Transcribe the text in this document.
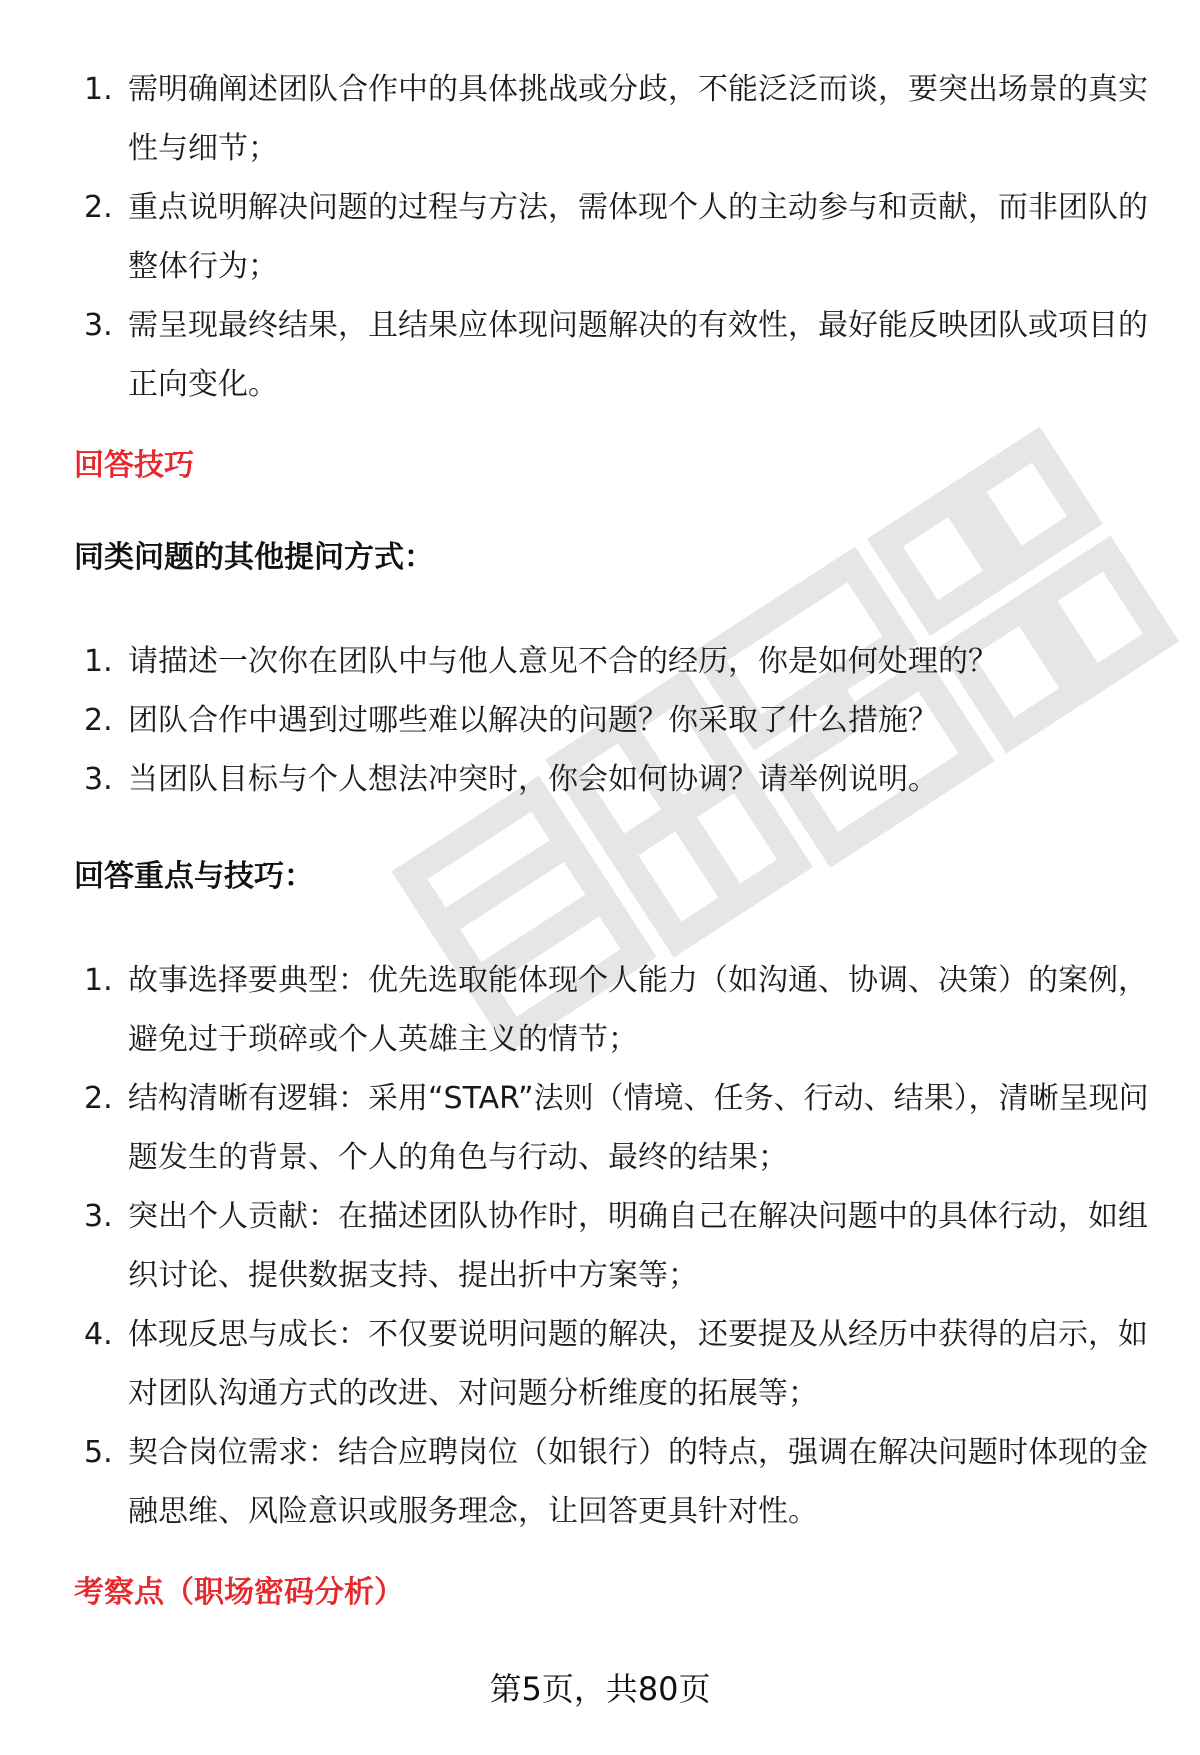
1. 需明确阐述团队合作中的具体挑战或分歧，不能泛泛而谈，要突出场景的真实性与细节；
2. 重点说明解决问题的过程与方法，需体现个人的主动参与和贡献，而非团队的整体行为；
3. 需呈现最终结果，且结果应体现问题解决的有效性，最好能反映团队或项目的正向变化。
回答技巧
同类问题的其他提问方式：
1. 请描述一次你在团队中与他人意见不合的经历，你是如何处理的？
2. 团队合作中遇到过哪些难以解决的问题？你采取了什么措施？
3. 当团队目标与个人想法冲突时，你会如何协调？请举例说明。
回答重点与技巧：
1. 故事选择要典型：优先选取能体现个人能力（如沟通、协调、决策）的案例，避免过于琐碎或个人英雄主义的情节；
2. 结构清晰有逻辑：采用“STAR”法则（情境、任务、行动、结果），清晰呈现问题发生的背景、个人的角色与行动、最终的结果；
3. 突出个人贡献：在描述团队协作时，明确自己在解决问题中的具体行动，如组织讨论、提供数据支持、提出折中方案等；
4. 体现反思与成长：不仅要说明问题的解决，还要提及从经历中获得的启示，如对团队沟通方式的改进、对问题分析维度的拓展等；
5. 契合岗位需求：结合应聘岗位（如银行）的特点，强调在解决问题时体现的金融思维、风险意识或服务理念，让回答更具针对性。
考察点（职场密码分析）
第5页，共80页
